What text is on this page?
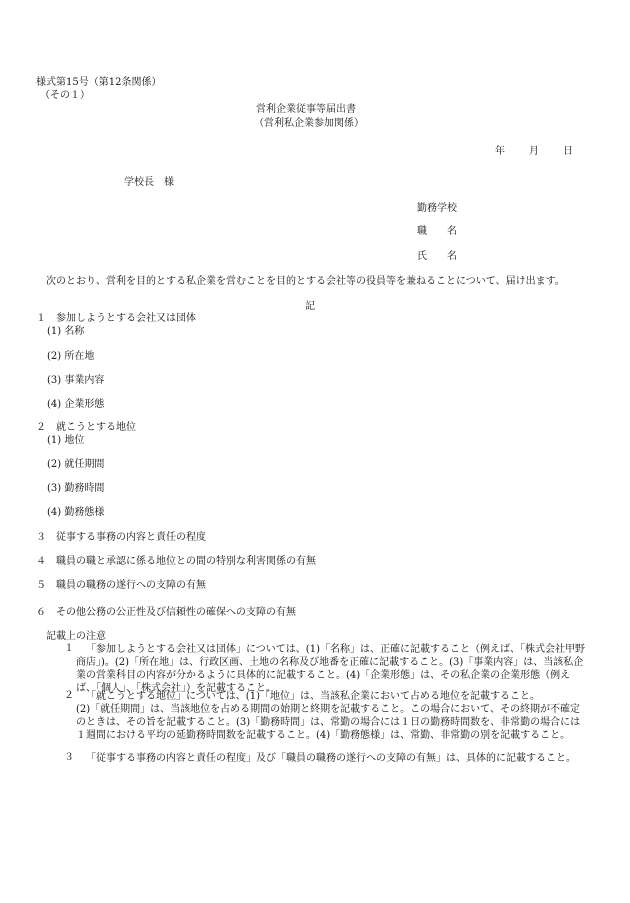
様式第15号（第12条関係）
（その１）
営利企業従事等届出書
（営利私企業参加関係）
年 月 日
学校長　様
勤務学校
職　　名
氏　　名
次のとおり、営利を目的とする私企業を営むことを目的とする会社等の役員等を兼ねることについて、届け出ます。
記
１　参加しようとする会社又は団体
(1) 名称
(2) 所在地
(3) 事業内容
(4) 企業形態
２　就こうとする地位
(1) 地位
(2) 就任期間
(3) 勤務時間
(4) 勤務態様
３　従事する事務の内容と責任の程度
４　職員の職と承認に係る地位との間の特別な利害関係の有無
５　職員の職務の遂行への支障の有無
６　その他公務の公正性及び信頼性の確保への支障の有無
記載上の注意
１	「参加しようとする会社又は団体」については、(1)「名称」は、正確に記載すること（例えば、「株式会社甲野商店」)。(2)「所在地」は、行政区画、土地の名称及び地番を正確に記載すること。(3)「事業内容」は、当該私企業の営業科目の内容が分かるように具体的に記載すること。(4)「企業形態」は、その私企業の企業形態（例えば、「個人」、「株式会社」）を記載すること。
２	「就こうとする地位」については、(1)「地位」は、当該私企業において占める地位を記載すること。
(2)「就任期間」は、当該地位を占める期間の始期と終期を記載すること。この場合において、その終期が不確定のときは、その旨を記載すること。(3)「勤務時間」は、常勤の場合には１日の勤務時間数を、非常勤の場合には１週間における平均の延勤務時間数を記載すること。(4)「勤務態様」は、常勤、非常勤の別を記載すること。
３	「従事する事務の内容と責任の程度」及び「職員の職務の遂行への支障の有無」は、具体的に記載すること。
